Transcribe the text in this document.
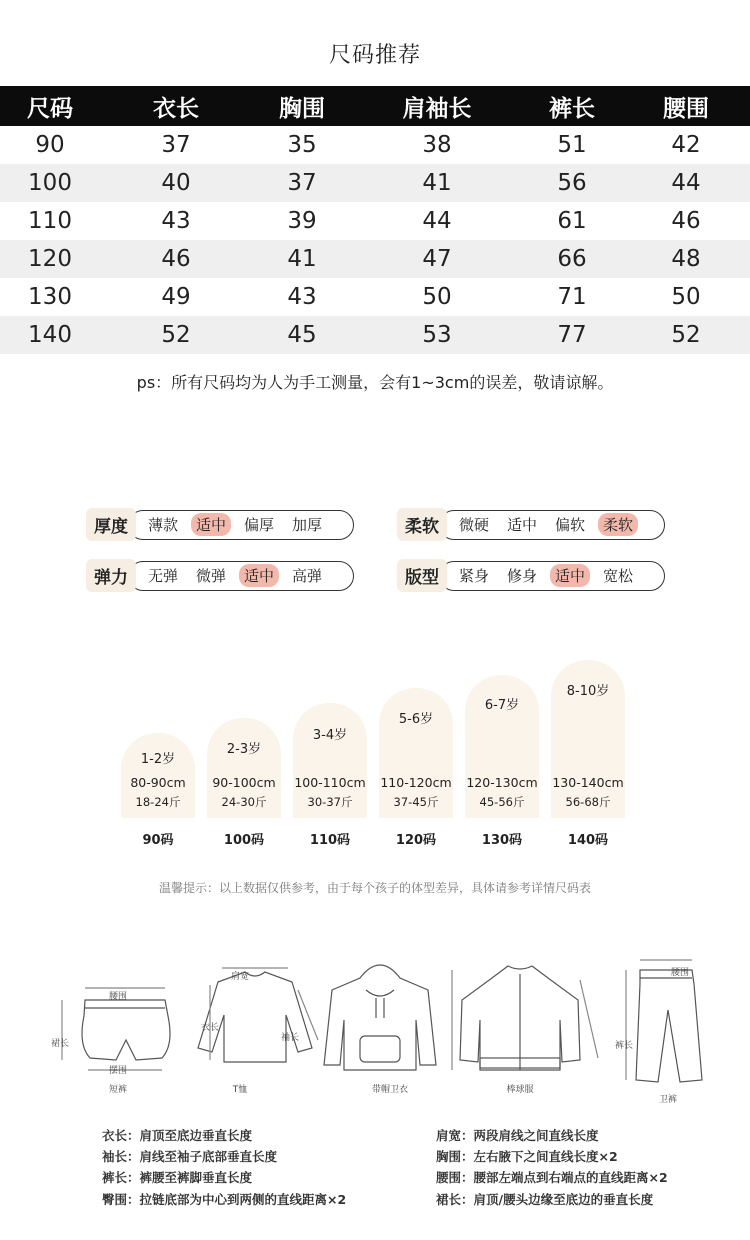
尺码推荐
尺码	衣长	胸围	肩袖长	裤长	腰围
90	37	35	38	51	42
100	40	37	41	56	44
110	43	39	44	61	46
120	46	41	47	66	48
130	49	43	50	71	50
140	52	45	53	77	52
ps：所有尺码均为人为手工测量，会有1~3cm的误差，敬请谅解。
厚度	薄款	适中	偏厚	加厚	柔软	微硬	适中	偏软	柔软
弹力	无弹	微弹	适中	高弹	版型	紧身	修身	适中	宽松
1-2岁
80-90cm
18-24斤
2-3岁
90-100cm
24-30斤
3-4岁
100-110cm
30-37斤
5-6岁
110-120cm
37-45斤
6-7岁
120-130cm
45-56斤
8-10岁
130-140cm
56-68斤
90码	100码	110码	120码	130码	140码
温馨提示：以上数据仅供参考，由于每个孩子的体型差异，具体请参考详情尺码表
腰围
摆围
裙长
短裤
肩宽
衣长
袖长
T恤	带帽卫衣	棒球服
腰围
裤长
卫裤
衣长：肩顶至底边垂直长度
袖长：肩线至袖子底部垂直长度
裤长：裤腰至裤脚垂直长度
臀围：拉链底部为中心到两侧的直线距离×2
肩宽：两段肩线之间直线长度
胸围：左右腋下之间直线长度×2
腰围：腰部左端点到右端点的直线距离×2
裙长：肩顶/腰头边缘至底边的垂直长度
